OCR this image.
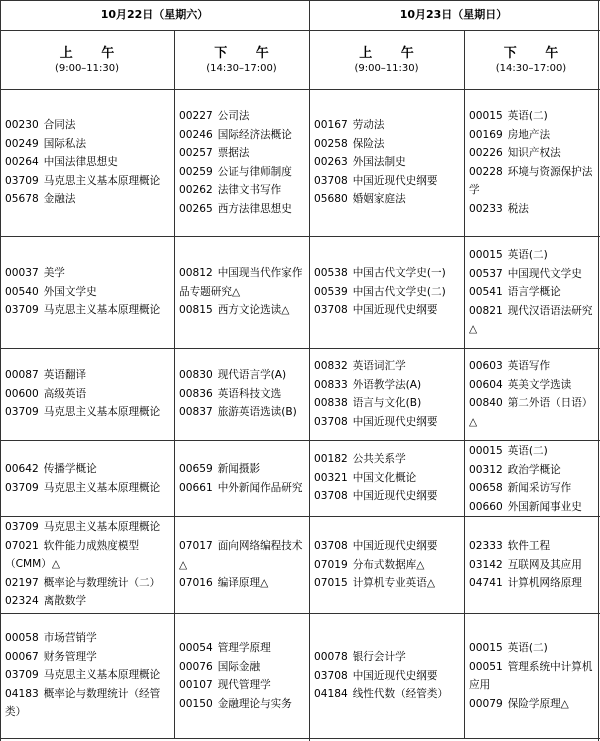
10月22日（星期六）	10月23日（星期日）
上 午
(9:00–11:30)
下 午
(14:30–17:00)
上 午
(9:00–11:30)
下 午
(14:30–17:00)
00230 合同法
00249 国际私法
00264 中国法律思想史
03709 马克思主义基本原理概论
05678 金融法
00227 公司法
00246 国际经济法概论
00257 票据法
00259 公证与律师制度
00262 法律文书写作
00265 西方法律思想史
00167 劳动法
00258 保险法
00263 外国法制史
03708 中国近现代史纲要
05680 婚姻家庭法
00015 英语(二)
00169 房地产法
00226 知识产权法
00228 环境与资源保护法学
00233 税法
00037 美学
00540 外国文学史
03709 马克思主义基本原理概论
00812 中国现当代作家作品专题研究△
00815 西方文论选读△
00538 中国古代文学史(一)
00539 中国古代文学史(二)
03708 中国近现代史纲要
00015 英语(二)
00537 中国现代文学史
00541 语言学概论
00821 现代汉语语法研究△
00087 英语翻译
00600 高级英语
03709 马克思主义基本原理概论
00830 现代语言学(A)
00836 英语科技文选
00837 旅游英语选读(B)
00832 英语词汇学
00833 外语教学法(A)
00838 语言与文化(B)
03708 中国近现代史纲要
00603 英语写作
00604 英美文学选读
00840 第二外语（日语）△
00642 传播学概论
03709 马克思主义基本原理概论
00659 新闻摄影
00661 中外新闻作品研究
00182 公共关系学
00321 中国文化概论
03708 中国近现代史纲要
00015 英语(二)
00312 政治学概论
00658 新闻采访写作
00660 外国新闻事业史
03709 马克思主义基本原理概论
07021 软件能力成熟度模型（CMM）△
02197 概率论与数理统计（二）
02324 离散数学
07017 面向网络编程技术△
07016 编译原理△
03708 中国近现代史纲要
07019 分布式数据库△
07015 计算机专业英语△
02333 软件工程
03142 互联网及其应用
04741 计算机网络原理
00058 市场营销学
00067 财务管理学
03709 马克思主义基本原理概论
04183 概率论与数理统计（经管类）
00054 管理学原理
00076 国际金融
00107 现代管理学
00150 金融理论与实务
00078 银行会计学
03708 中国近现代史纲要
04184 线性代数（经管类）
00015 英语(二)
00051 管理系统中计算机应用
00079 保险学原理△
